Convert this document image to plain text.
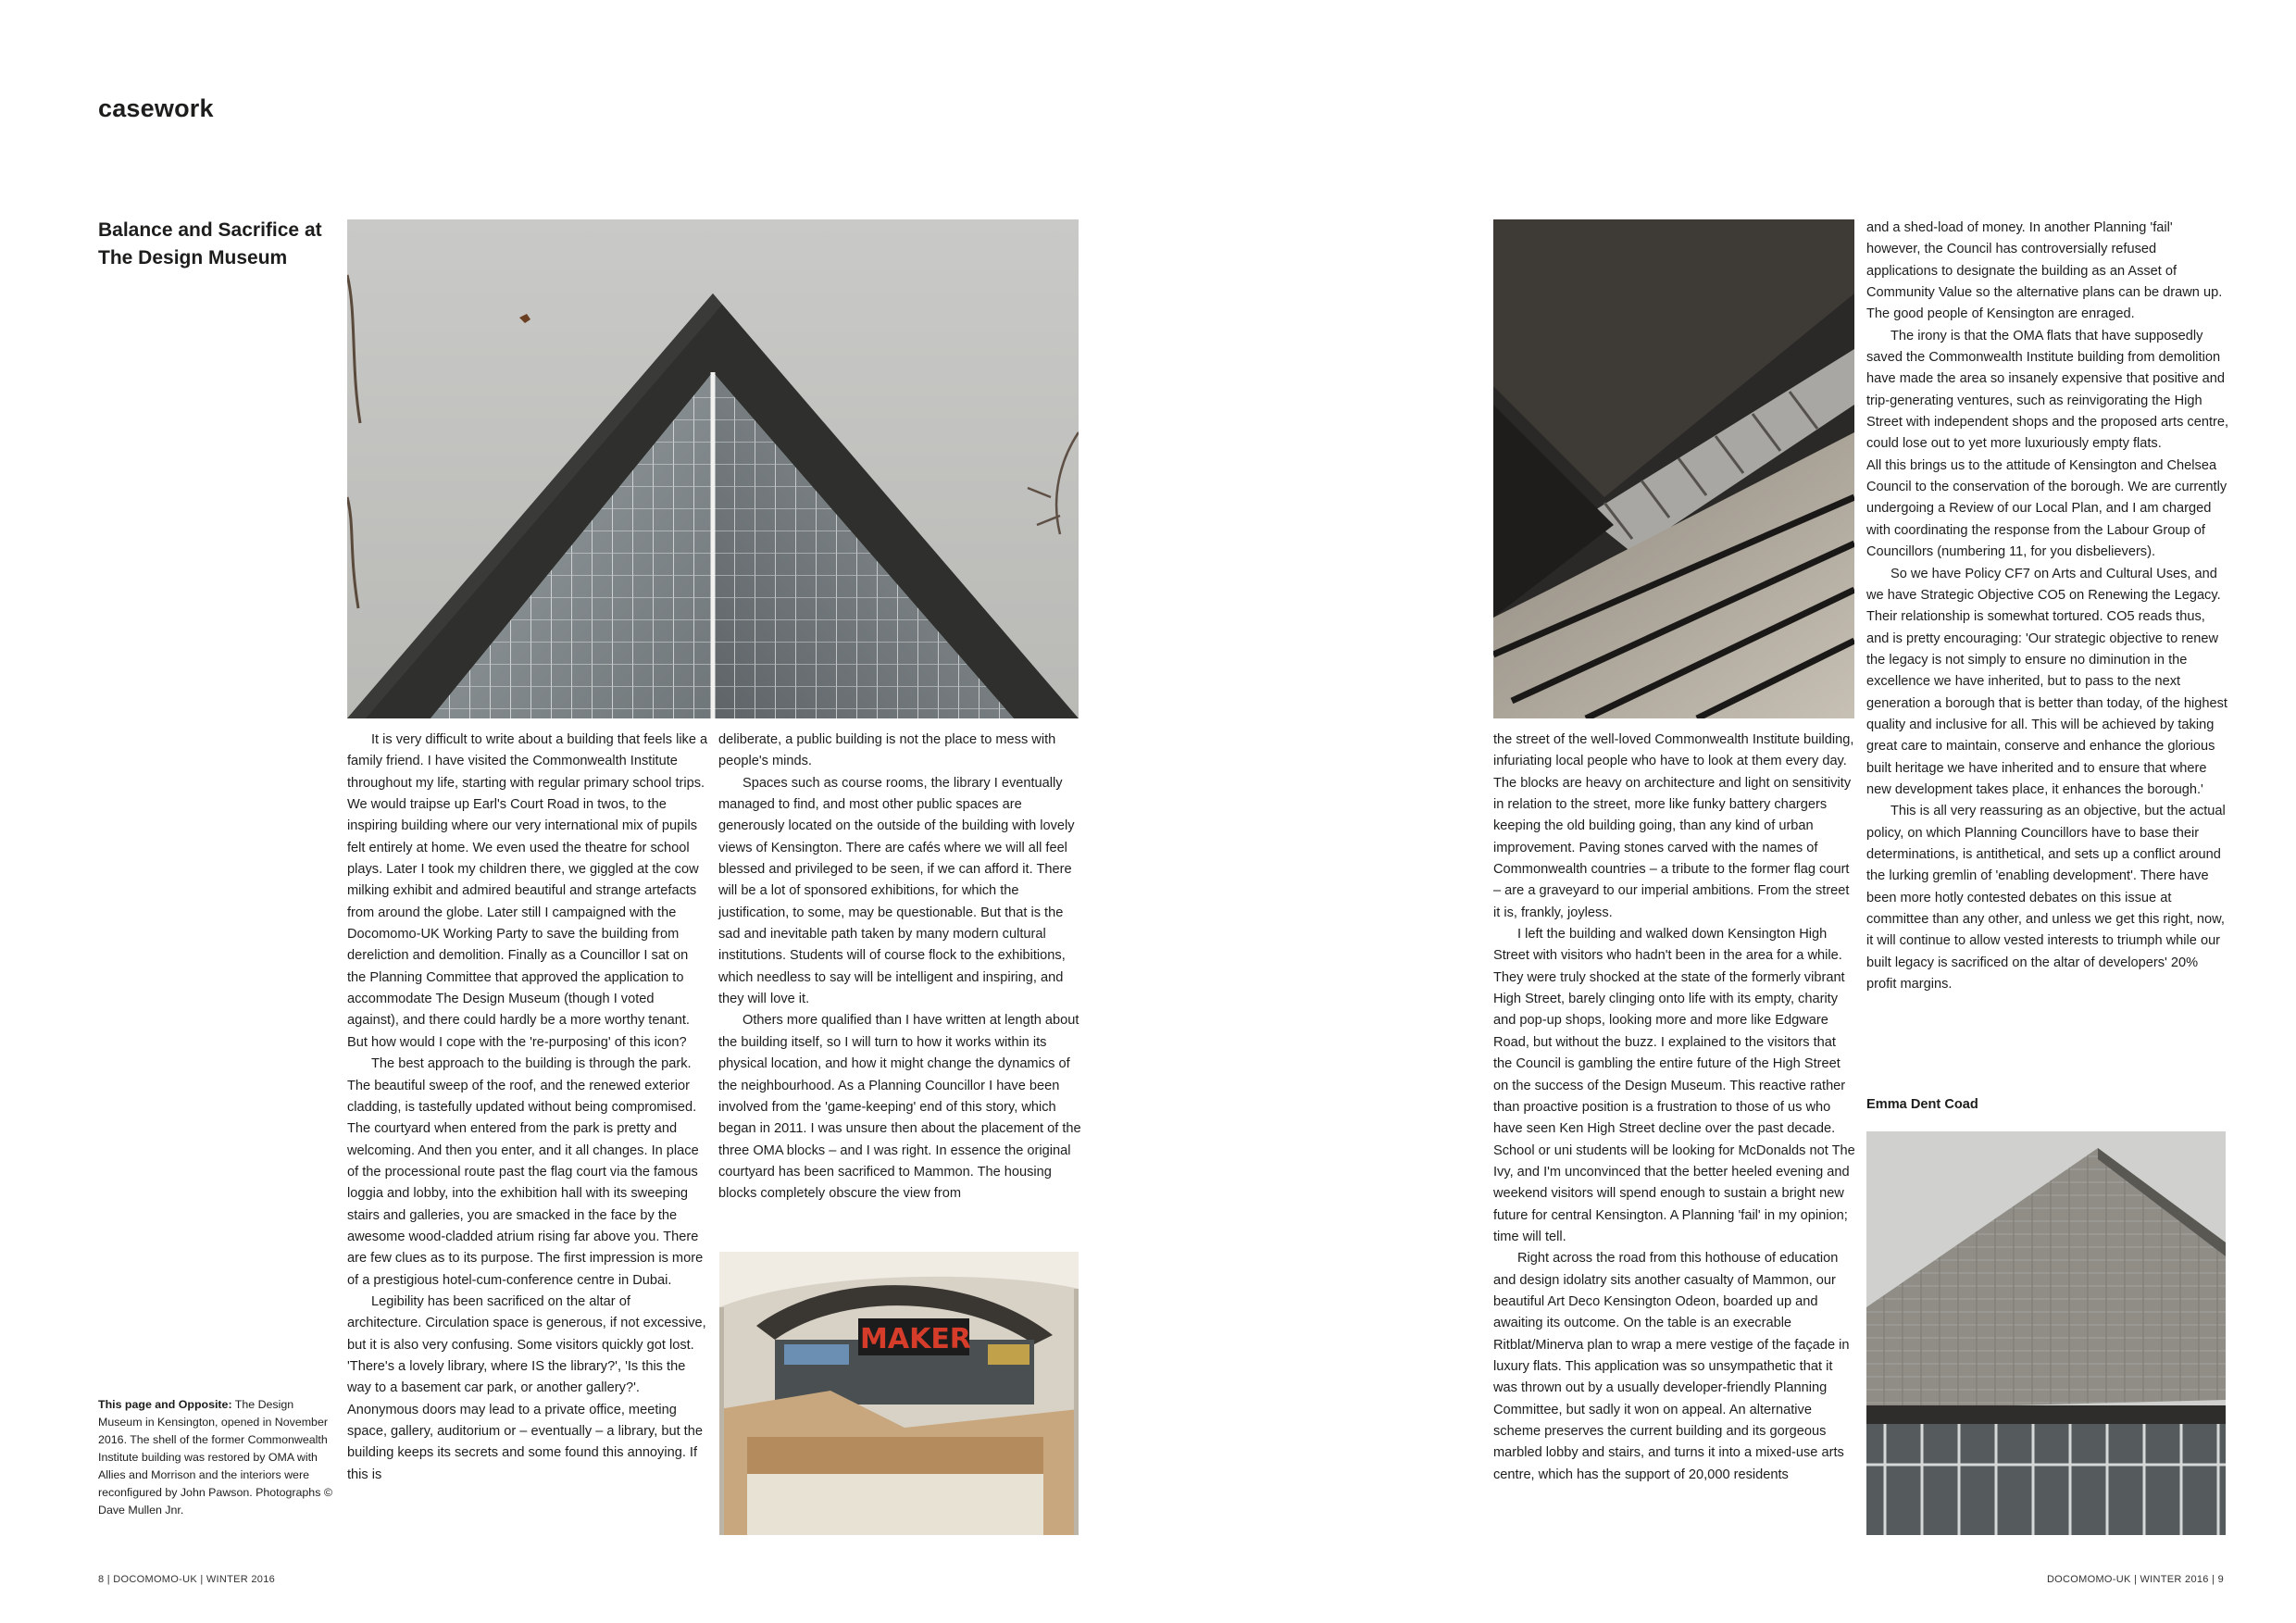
casework
Balance and Sacrifice at The Design Museum

It is very difficult to write about a building that feels like a family friend. I have visited the Commonwealth Institute throughout my life, starting with regular primary school trips. We would traipse up Earl's Court Road in twos, to the inspiring building where our very international mix of pupils felt entirely at home. We even used the theatre for school plays. Later I took my children there, we giggled at the cow milking exhibit and admired beautiful and strange artefacts from around the globe. Later still I campaigned with the Docomomo-UK Working Party to save the building from dereliction and demolition. Finally as a Councillor I sat on the Planning Committee that approved the application to accommodate The Design Museum (though I voted against), and there could hardly be a more worthy tenant. But how would I cope with the 're-purposing' of this icon?

The best approach to the building is through the park. The beautiful sweep of the roof, and the renewed exterior cladding, is tastefully updated without being compromised. The courtyard when entered from the park is pretty and welcoming. And then you enter, and it all changes. In place of the processional route past the flag court via the famous loggia and lobby, into the exhibition hall with its sweeping stairs and galleries, you are smacked in the face by the awesome wood-cladded atrium rising far above you. There are few clues as to its purpose. The first impression is more of a prestigious hotel-cum-conference centre in Dubai.

Legibility has been sacrificed on the altar of architecture. Circulation space is generous, if not excessive, but it is also very confusing. Some visitors quickly got lost. 'There's a lovely library, where IS the library?', 'Is this the way to a basement car park, or another gallery?'. Anonymous doors may lead to a private office, meeting space, gallery, auditorium or – eventually – a library, but the building keeps its secrets and some found this annoying. If this is

deliberate, a public building is not the place to mess with people's minds.

Spaces such as course rooms, the library I eventually managed to find, and most other public spaces are generously located on the outside of the building with lovely views of Kensington. There are cafés where we will all feel blessed and privileged to be seen, if we can afford it. There will be a lot of sponsored exhibitions, for which the justification, to some, may be questionable. But that is the sad and inevitable path taken by many modern cultural institutions. Students will of course flock to the exhibitions, which needless to say will be intelligent and inspiring, and they will love it.

Others more qualified than I have written at length about the building itself, so I will turn to how it works within its physical location, and how it might change the dynamics of the neighbourhood. As a Planning Councillor I have been involved from the 'game-keeping' end of this story, which began in 2011. I was unsure then about the placement of the three OMA blocks – and I was right. In essence the original courtyard has been sacrificed to Mammon. The housing blocks completely obscure the view from

MAKER
This page and Opposite: The Design Museum in Kensington, opened in November 2016. The shell of the former Commonwealth Institute building was restored by OMA with Allies and Morrison and the interiors were reconfigured by John Pawson. Photographs © Dave Mullen Jnr.
8 | DOCOMOMO-UK | WINTER 2016

the street of the well-loved Commonwealth Institute building, infuriating local people who have to look at them every day. The blocks are heavy on architecture and light on sensitivity in relation to the street, more like funky battery chargers keeping the old building going, than any kind of urban improvement. Paving stones carved with the names of Commonwealth countries – a tribute to the former flag court – are a graveyard to our imperial ambitions. From the street it is, frankly, joyless.

I left the building and walked down Kensington High Street with visitors who hadn't been in the area for a while. They were truly shocked at the state of the formerly vibrant High Street, barely clinging onto life with its empty, charity and pop-up shops, looking more and more like Edgware Road, but without the buzz. I explained to the visitors that the Council is gambling the entire future of the High Street on the success of the Design Museum. This reactive rather than proactive position is a frustration to those of us who have seen Ken High Street decline over the past decade. School or uni students will be looking for McDonalds not The Ivy, and I'm unconvinced that the better heeled evening and weekend visitors will spend enough to sustain a bright new future for central Kensington. A Planning 'fail' in my opinion; time will tell.

Right across the road from this hothouse of education and design idolatry sits another casualty of Mammon, our beautiful Art Deco Kensington Odeon, boarded up and awaiting its outcome. On the table is an execrable Ritblat/Minerva plan to wrap a mere vestige of the façade in luxury flats. This application was so unsympathetic that it was thrown out by a usually developer-friendly Planning Committee, but sadly it won on appeal. An alternative scheme preserves the current building and its gorgeous marbled lobby and stairs, and turns it into a mixed-use arts centre, which has the support of 20,000 residents

and a shed-load of money. In another Planning 'fail' however, the Council has controversially refused applications to designate the building as an Asset of Community Value so the alternative plans can be drawn up. The good people of Kensington are enraged.

The irony is that the OMA flats that have supposedly saved the Commonwealth Institute building from demolition have made the area so insanely expensive that positive and trip-generating ventures, such as reinvigorating the High Street with independent shops and the proposed arts centre, could lose out to yet more luxuriously empty flats.

All this brings us to the attitude of Kensington and Chelsea Council to the conservation of the borough. We are currently undergoing a Review of our Local Plan, and I am charged with coordinating the response from the Labour Group of Councillors (numbering 11, for you disbelievers).

So we have Policy CF7 on Arts and Cultural Uses, and we have Strategic Objective CO5 on Renewing the Legacy. Their relationship is somewhat tortured. CO5 reads thus, and is pretty encouraging: 'Our strategic objective to renew the legacy is not simply to ensure no diminution in the excellence we have inherited, but to pass to the next generation a borough that is better than today, of the highest quality and inclusive for all. This will be achieved by taking great care to maintain, conserve and enhance the glorious built heritage we have inherited and to ensure that where new development takes place, it enhances the borough.'

This is all very reassuring as an objective, but the actual policy, on which Planning Councillors have to base their determinations, is antithetical, and sets up a conflict around the lurking gremlin of 'enabling development'. There have been more hotly contested debates on this issue at committee than any other, and unless we get this right, now, it will continue to allow vested interests to triumph while our built legacy is sacrificed on the altar of developers' 20% profit margins.

Emma Dent Coad
DOCOMOMO-UK | WINTER 2016 | 9
